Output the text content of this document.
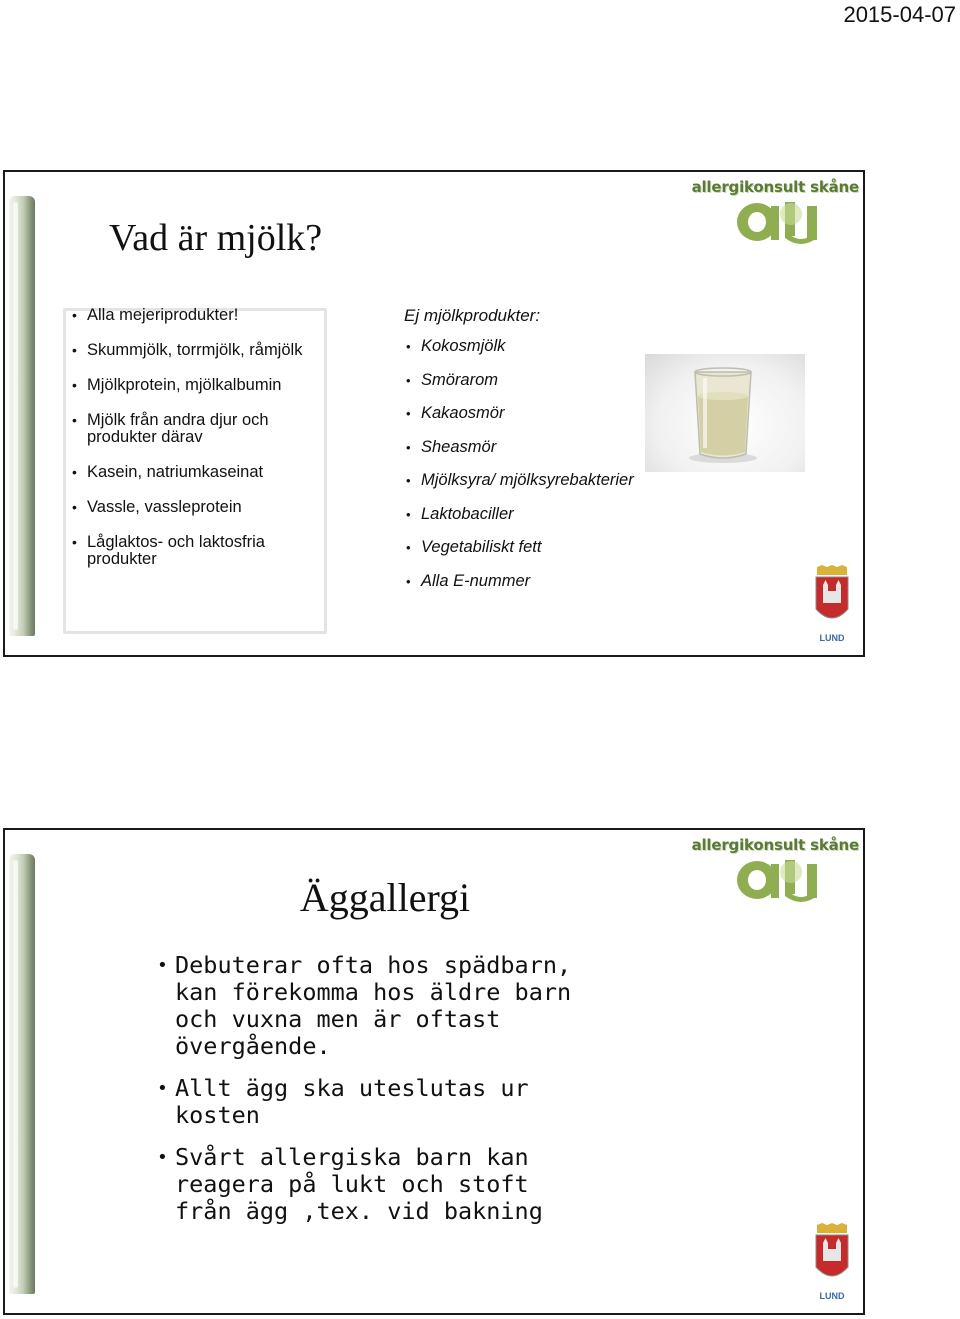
2015-04-07
allergikonsult skåne
Vad är mjölk?
• Alla mejeriprodukter!
• Skummjölk, torrmjölk, råmjölk
• Mjölkprotein, mjölkalbumin
• Mjölk från andra djur och produkter därav
• Kasein, natriumkaseinat
• Vassle, vassleprotein
• Låglaktos- och laktosfria produkter
Ej mjölkprodukter:
• Kokosmjölk
• Smörarom
• Kakaosmör
• Sheasmör
• Mjölksyra/ mjölksyrebakterier
• Laktobaciller
• Vegetabiliskt fett
• Alla E-nummer
LUND
allergikonsult skåne
Äggallergi
• Debuterar ofta hos spädbarn, kan förekomma hos äldre barn och vuxna men är oftast övergående.
• Allt ägg ska uteslutas ur kosten
• Svårt allergiska barn kan reagera på lukt och stoft från ägg ,tex. vid bakning
LUND
